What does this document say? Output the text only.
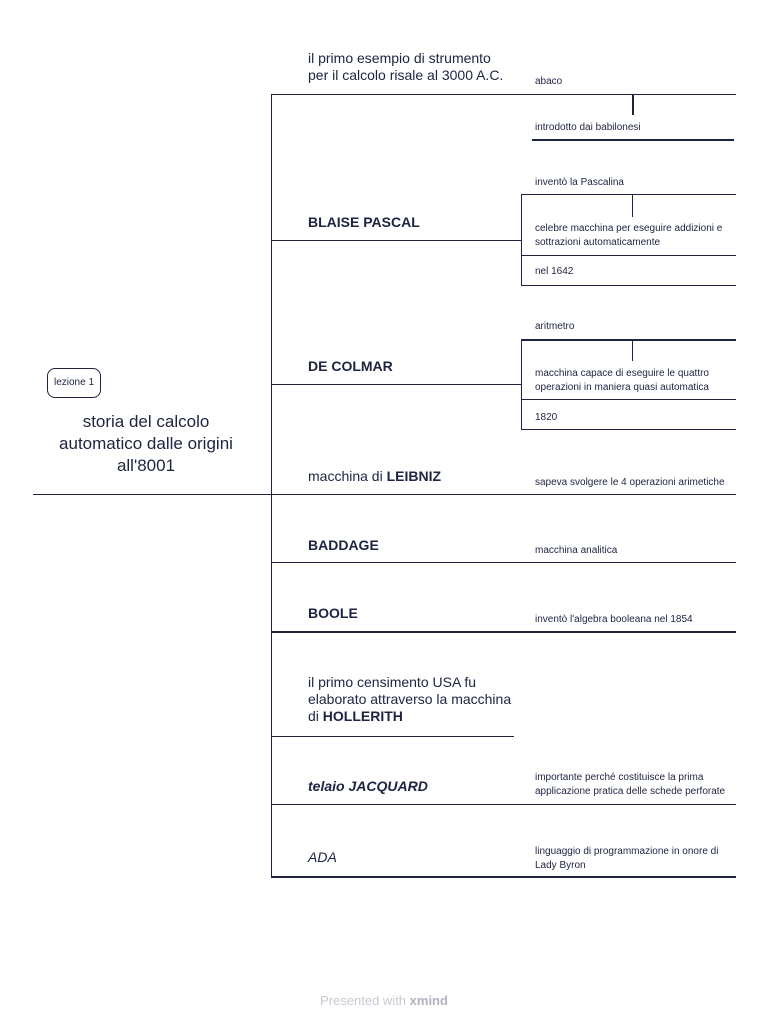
lezione 1
storia del calcolo
automatico dalle origini
all'8001
il primo esempio di strumento
per il calcolo risale al 3000 A.C.	abaco
introdotto dai babilonesi
BLAISE PASCAL
inventò la Pascalina
celebre macchina per eseguire addizioni e
sottrazioni automaticamente
nel 1642
DE COLMAR
aritmetro
macchina capace di eseguire le quattro
operazioni in maniera quasi automatica
1820
macchina di LEIBNIZ	sapeva svolgere le 4 operazioni arimetiche
BADDAGE	macchina analitica
BOOLE	inventò l'algebra booleana nel 1854
il primo censimento USA fu
elaborato attraverso la macchina
di HOLLERITH
telaio JACQUARD
importante perché costituisce la prima
applicazione pratica delle schede perforate
ADA	linguaggio di programmazione in onore di
Lady Byron
Presented with xmind
